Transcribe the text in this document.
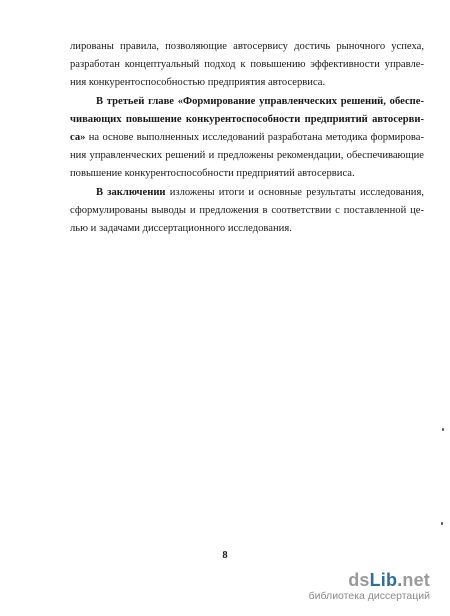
лированы правила, позволяющие автосервису достичь рыночного успеха,
разработан концептуальный подход к повышению эффективности управле-
ния конкурентоспособностью предприятия автосервиса.
В третьей главе «Формирование управленческих решений, обеспе-
чивающих повышение конкурентоспособности предприятий автосерви-
са» на основе выполненных исследований разработана методика формирова-
ния управленческих решений и предложены рекомендации, обеспечивающие
повышение конкурентоспособности предприятий автосервиса.
В заключении изложены итоги и основные результаты исследования,
сформулированы выводы и предложения в соответствии с поставленной це-
лью и задачами диссертационного исследования.
8
dsLib.net
библиотека диссертаций
